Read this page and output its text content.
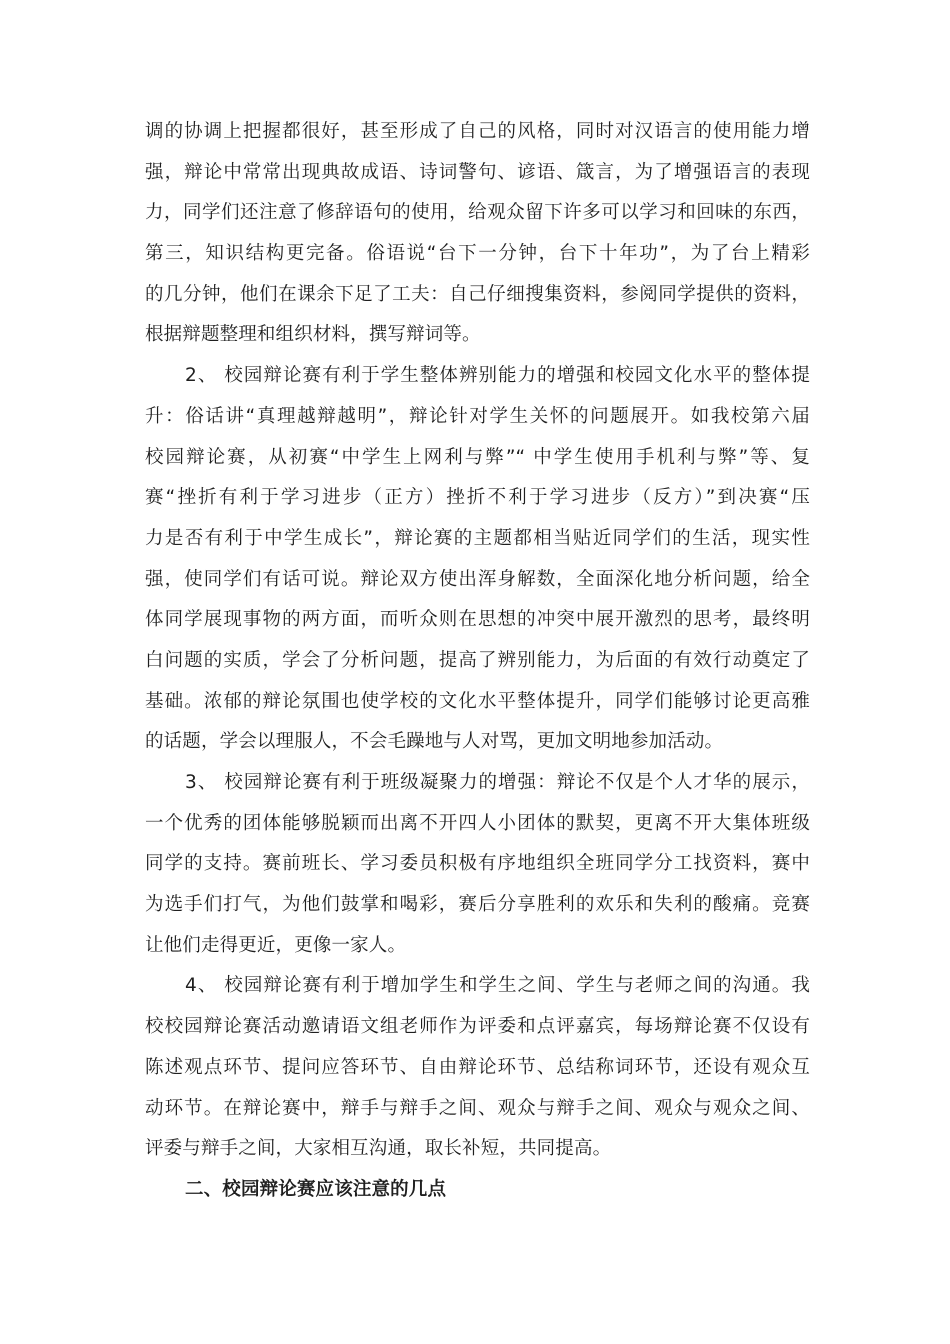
调的协调上把握都很好，甚至形成了自己的风格，同时对汉语言的使用能力增
强，辩论中常常出现典故成语、诗词警句、谚语、箴言，为了增强语言的表现
力，同学们还注意了修辞语句的使用，给观众留下许多可以学习和回味的东西，
第三，知识结构更完备。俗语说“台下一分钟，台下十年功”，为了台上精彩
的几分钟，他们在课余下足了工夫：自己仔细搜集资料，参阅同学提供的资料，
根据辩题整理和组织材料，撰写辩词等。
2、 校园辩论赛有利于学生整体辨别能力的增强和校园文化水平的整体提
升：俗话讲“真理越辩越明”，辩论针对学生关怀的问题展开。如我校第六届
校园辩论赛，从初赛“中学生上网利与弊”“ 中学生使用手机利与弊”等、复
赛“挫折有利于学习进步（正方）挫折不利于学习进步（反方）”到决赛“压
力是否有利于中学生成长”，辩论赛的主题都相当贴近同学们的生活，现实性
强，使同学们有话可说。辩论双方使出浑身解数，全面深化地分析问题，给全
体同学展现事物的两方面，而听众则在思想的冲突中展开激烈的思考，最终明
白问题的实质，学会了分析问题，提高了辨别能力，为后面的有效行动奠定了
基础。浓郁的辩论氛围也使学校的文化水平整体提升，同学们能够讨论更高雅
的话题，学会以理服人，不会毛躁地与人对骂，更加文明地参加活动。
3、 校园辩论赛有利于班级凝聚力的增强：辩论不仅是个人才华的展示，
一个优秀的团体能够脱颖而出离不开四人小团体的默契，更离不开大集体班级
同学的支持。赛前班长、学习委员积极有序地组织全班同学分工找资料，赛中
为选手们打气，为他们鼓掌和喝彩，赛后分享胜利的欢乐和失利的酸痛。竞赛
让他们走得更近，更像一家人。
4、 校园辩论赛有利于增加学生和学生之间、学生与老师之间的沟通。我
校校园辩论赛活动邀请语文组老师作为评委和点评嘉宾，每场辩论赛不仅设有
陈述观点环节、提问应答环节、自由辩论环节、总结称词环节，还设有观众互
动环节。在辩论赛中，辩手与辩手之间、观众与辩手之间、观众与观众之间、
评委与辩手之间，大家相互沟通，取长补短，共同提高。
二、校园辩论赛应该注意的几点
